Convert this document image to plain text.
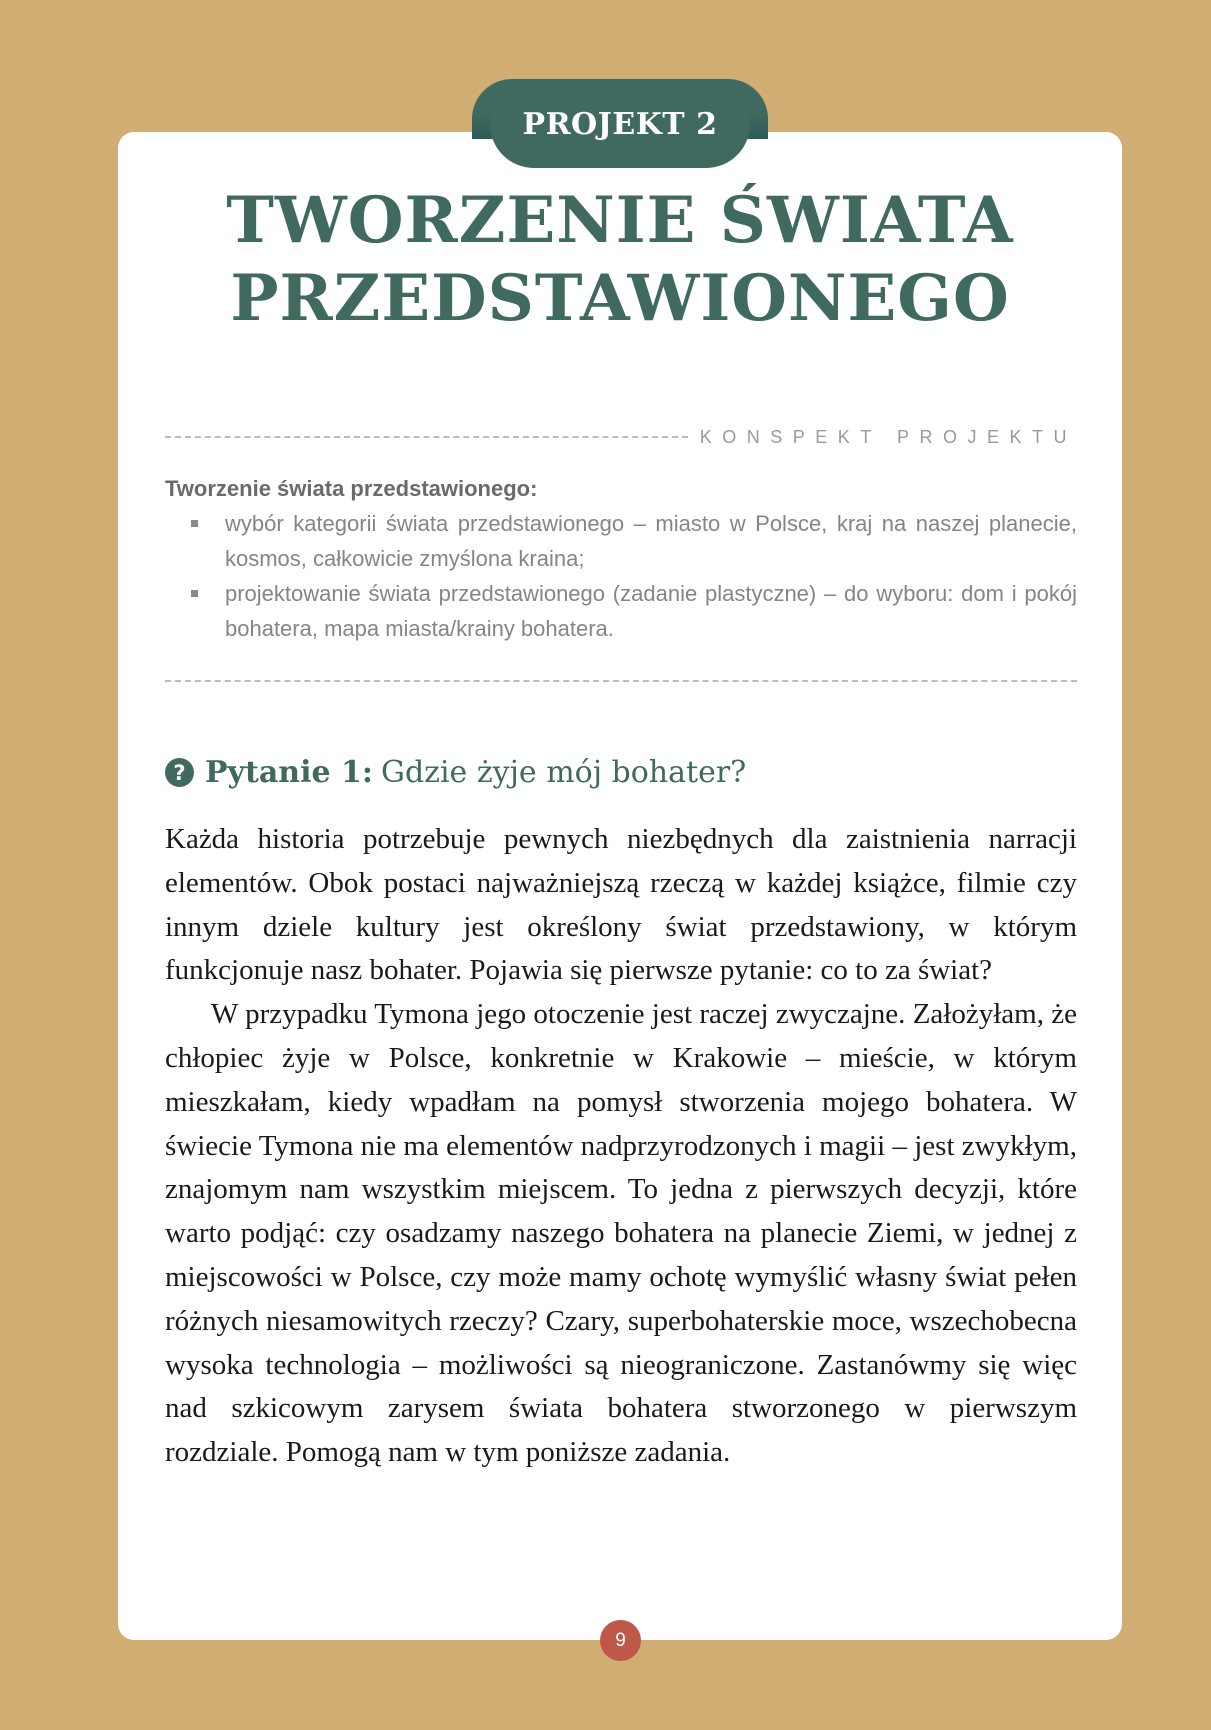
PROJEKT 2
TWORZENIE ŚWIATA
PRZEDSTAWIONEGO
KONSPEKT PROJEKTU
Tworzenie świata przedstawionego:
wybór kategorii świata przedstawionego – miasto w Polsce, kraj na naszej planecie, kosmos, całkowicie zmyślona kraina;
projektowanie świata przedstawionego (zadanie plastyczne) – do wyboru: dom i pokój bohatera, mapa miasta/krainy bohatera.
? Pytanie 1: Gdzie żyje mój bohater?

Każda historia potrzebuje pewnych niezbędnych dla zaistnienia narracji elementów. Obok postaci najważniejszą rzeczą w każdej książce, filmie czy innym dziele kultury jest określony świat przedstawiony, w którym funkcjonuje nasz bohater. Pojawia się pierwsze pytanie: co to za świat?

W przypadku Tymona jego otoczenie jest raczej zwyczajne. Założyłam, że chłopiec żyje w Polsce, konkretnie w Krakowie – mieście, w którym mieszkałam, kiedy wpadłam na pomysł stworzenia mojego bohatera. W świecie Tymona nie ma elementów nadprzyrodzonych i magii – jest zwykłym, znajomym nam wszystkim miejscem. To jedna z pierwszych decyzji, które warto podjąć: czy osadzamy naszego bohatera na planecie Ziemi, w jednej z miejscowości w Polsce, czy może mamy ochotę wymyślić własny świat pełen różnych niesamowitych rzeczy? Czary, superbohaterskie moce, wszechobecna wysoka technologia – możliwości są nieograniczone. Zastanówmy się więc nad szkicowym zarysem świata bohatera stworzonego w pierwszym rozdziale. Pomogą nam w tym poniższe zadania.

9
